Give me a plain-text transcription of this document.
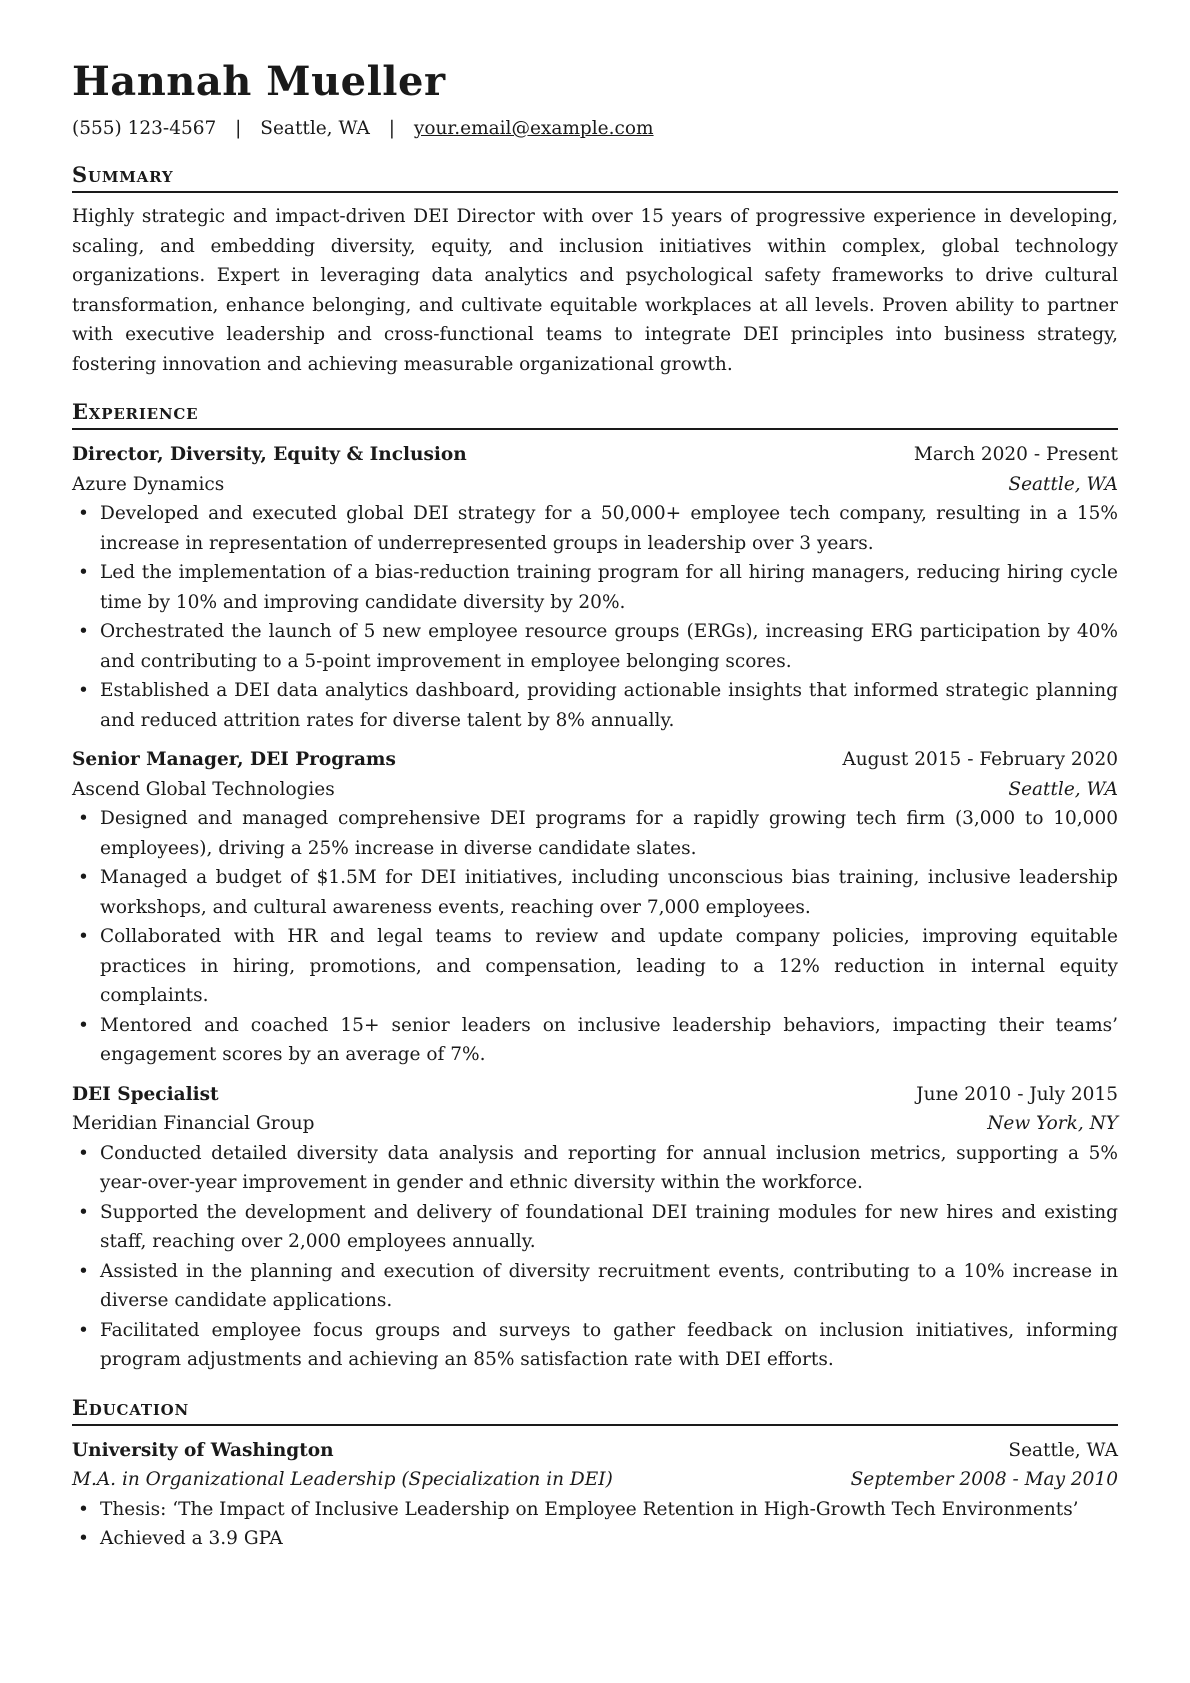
Hannah Mueller
(555) 123-4567 | Seattle, WA | your.email@example.com
Summary
Highly strategic and impact-driven DEI Director with over 15 years of progressive experience in developing, scaling, and embedding diversity, equity, and inclusion initiatives within complex, global technology organizations. Expert in leveraging data analytics and psychological safety frameworks to drive cultural transformation, enhance belonging, and cultivate equitable workplaces at all levels. Proven ability to partner with executive leadership and cross-functional teams to integrate DEI principles into business strategy, fostering innovation and achieving measurable organizational growth.
Experience
Director, Diversity, Equity & Inclusion	March 2020 - Present
Azure Dynamics	Seattle, WA
• Developed and executed global DEI strategy for a 50,000+ employee tech company, resulting in a 15% increase in representation of underrepresented groups in leadership over 3 years.
• Led the implementation of a bias-reduction training program for all hiring managers, reducing hiring cycle time by 10% and improving candidate diversity by 20%.
• Orchestrated the launch of 5 new employee resource groups (ERGs), increasing ERG participation by 40% and contributing to a 5-point improvement in employee belonging scores.
• Established a DEI data analytics dashboard, providing actionable insights that informed strategic planning and reduced attrition rates for diverse talent by 8% annually.
Senior Manager, DEI Programs	August 2015 - February 2020
Ascend Global Technologies	Seattle, WA
• Designed and managed comprehensive DEI programs for a rapidly growing tech firm (3,000 to 10,000 employees), driving a 25% increase in diverse candidate slates.
• Managed a budget of $1.5M for DEI initiatives, including unconscious bias training, inclusive leadership workshops, and cultural awareness events, reaching over 7,000 employees.
• Collaborated with HR and legal teams to review and update company policies, improving equitable practices in hiring, promotions, and compensation, leading to a 12% reduction in internal equity complaints.
• Mentored and coached 15+ senior leaders on inclusive leadership behaviors, impacting their teams’ engagement scores by an average of 7%.
DEI Specialist	June 2010 - July 2015
Meridian Financial Group	New York, NY
• Conducted detailed diversity data analysis and reporting for annual inclusion metrics, supporting a 5% year-over-year improvement in gender and ethnic diversity within the workforce.
• Supported the development and delivery of foundational DEI training modules for new hires and existing staff, reaching over 2,000 employees annually.
• Assisted in the planning and execution of diversity recruitment events, contributing to a 10% increase in diverse candidate applications.
• Facilitated employee focus groups and surveys to gather feedback on inclusion initiatives, informing program adjustments and achieving an 85% satisfaction rate with DEI efforts.
Education
University of Washington	Seattle, WA
M.A. in Organizational Leadership (Specialization in DEI)	September 2008 - May 2010
• Thesis: ‘The Impact of Inclusive Leadership on Employee Retention in High-Growth Tech Environments’
• Achieved a 3.9 GPA
